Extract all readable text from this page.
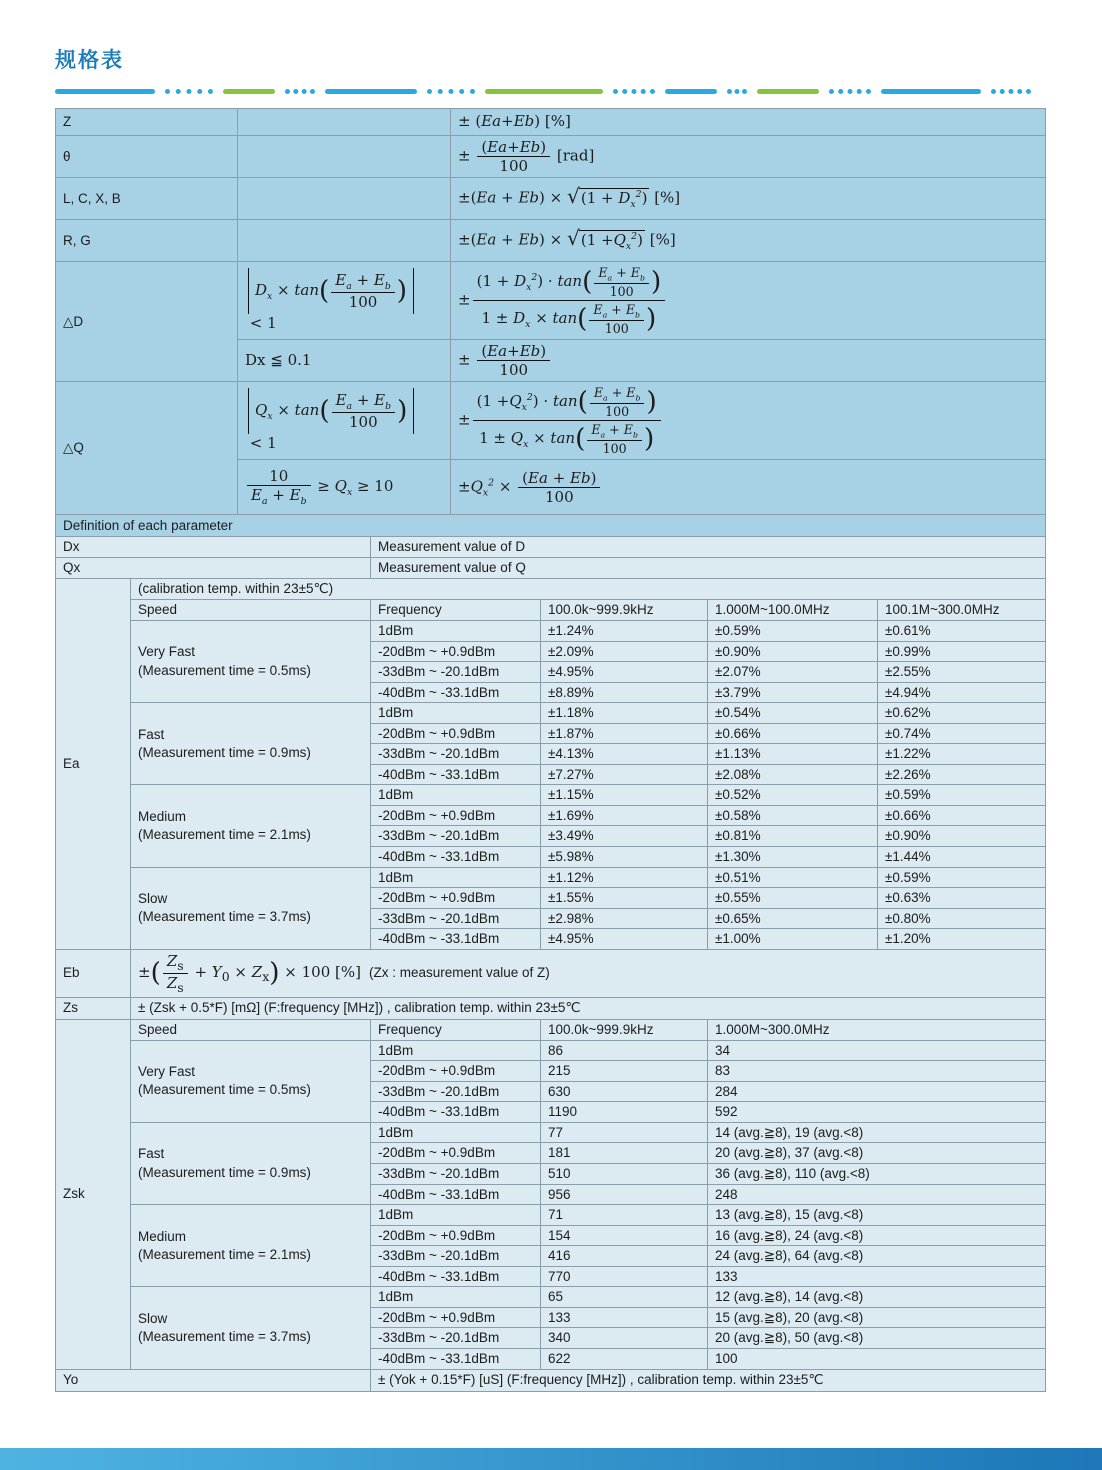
规格表
Z				± (Ea+Eb) [%]			
θ				± $\frac{(Ea+Eb)}{100} [rad]$			
L, C, X, B				$\pm(Ea + Eb) \times √(1 + D_x^2)$ [%]			
R, G				$\pm(Ea + Eb) \times √(1 +Q_x^2)$ [%]			
△D	$D_x \times \tan( \frac{E_a + E_b}{100}$ ) < 1	± $\frac{(1 + D_x^2) \cdot \tan( \frac{E_a + E_b}{100} )}{1 \pm D_x \times \tan( \frac{E_a + E_b}{100} )}$

		Dx ≦ 0.1		± $\frac{(Ea+Eb)}{100}$

△Q	$Q_x \times \tan( \frac{E_a + E_b}{100}$ ) < 1	± $\frac{(1 +Q_x^2) \cdot \tan( \frac{E_a + E_b}{100} )}{1 \pm Q_x \times \tan( \frac{E_a + E_b}{100} )}$

		$\frac{10}{E_a + E_b} \ge Q_x \ge 10$		$\pm Q_x^2 \times \frac{(Ea + Eb)}{100}$

Definition of each parameter							
Dx			Measurement value of D				
Qx			Measurement value of Q				
Ea	(calibration temp. within 23±5℃)						
	Speed		Frequency		100.0k~999.9kHz	1.000M~100.0MHz	100.1M~300.0MHz

	Very Fast
(Measurement time = 0.5ms)		1dBm		±1.24%	±0.59%	±0.61%
			-20dBm ~ +0.9dBm		±2.09%	±0.90%	±0.99%
			-33dBm ~ -20.1dBm		±4.95%	±2.07%	±2.55%
			-40dBm ~ -33.1dBm		±8.89%	±3.79%	±4.94%

	Fast
(Measurement time = 0.9ms)		1dBm		±1.18%	±0.54%	±0.62%
			-20dBm ~ +0.9dBm		±1.87%	±0.66%	±0.74%
			-33dBm ~ -20.1dBm		±4.13%	±1.13%	±1.22%
			-40dBm ~ -33.1dBm		±7.27%	±2.08%	±2.26%

	Medium
(Measurement time = 2.1ms)		1dBm		±1.15%	±0.52%	±0.59%
			-20dBm ~ +0.9dBm		±1.69%	±0.58%	±0.66%
			-33dBm ~ -20.1dBm		±3.49%	±0.81%	±0.90%
			-40dBm ~ -33.1dBm		±5.98%	±1.30%	±1.44%

	Slow
(Measurement time = 3.7ms)		1dBm		±1.12%	±0.51%	±0.59%
			-20dBm ~ +0.9dBm		±1.55%	±0.55%	±0.63%
			-33dBm ~ -20.1dBm		±2.98%	±0.65%	±0.80%
			-40dBm ~ -33.1dBm		±4.95%	±1.00%	±1.20%
Eb	±( $\frac{Z_s}{Z_s} + Y_0 \times Z_x) \times 100$ [%] (Zx : measurement value of Z)						
Zs	± (Zsk + 0.5*F) [mΩ] (F:frequency [MHz]) , calibration temp. within 23±5℃						
Zsk	Speed		Frequency		100.0k~999.9kHz	1.000M~300.0MHz	

	Very Fast
(Measurement time = 0.5ms)		1dBm		86	34	
			-20dBm ~ +0.9dBm		215	83	
			-33dBm ~ -20.1dBm		630	284	
			-40dBm ~ -33.1dBm		1190	592	

	Fast
(Measurement time = 0.9ms)		1dBm		77	14 (avg.≧8), 19 (avg.<8)	
			-20dBm ~ +0.9dBm		181	20 (avg.≧8), 37 (avg.<8)	
			-33dBm ~ -20.1dBm		510	36 (avg.≧8), 110 (avg.<8)	
			-40dBm ~ -33.1dBm		956	248	

	Medium
(Measurement time = 2.1ms)		1dBm		71	13 (avg.≧8), 15 (avg.<8)	
			-20dBm ~ +0.9dBm		154	16 (avg.≧8), 24 (avg.<8)	
			-33dBm ~ -20.1dBm		416	24 (avg.≧8), 64 (avg.<8)	
			-40dBm ~ -33.1dBm		770	133	

	Slow
(Measurement time = 3.7ms)		1dBm		65	12 (avg.≧8), 14 (avg.<8)	
			-20dBm ~ +0.9dBm		133	15 (avg.≧8), 20 (avg.<8)	
			-33dBm ~ -20.1dBm		340	20 (avg.≧8), 50 (avg.<8)	
			-40dBm ~ -33.1dBm		622	100	
Yo			± (Yok + 0.15*F) [uS] (F:frequency [MHz]) , calibration temp. within 23±5℃				
